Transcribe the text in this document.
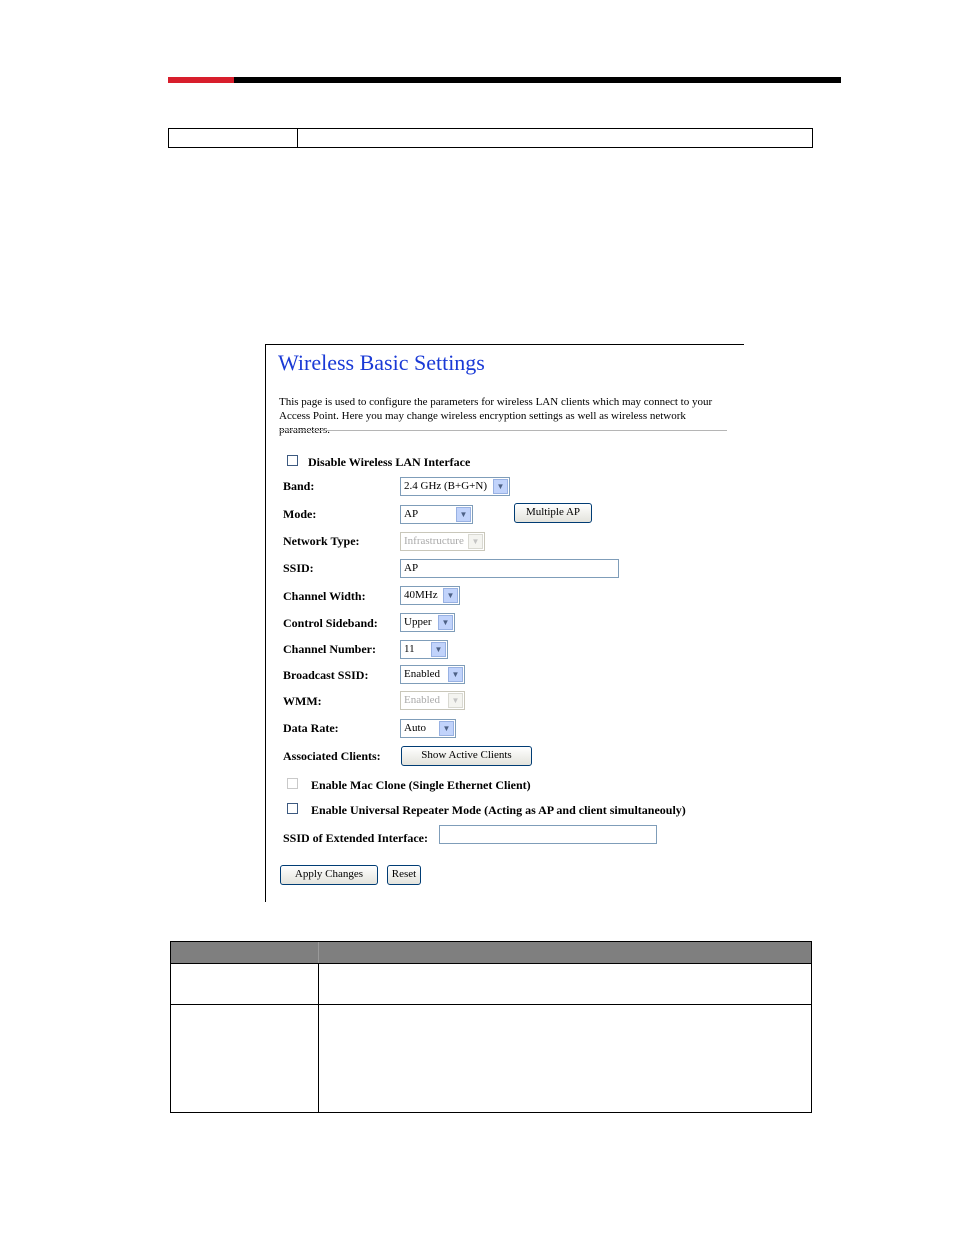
Wireless Basic Settings
This page is used to configure the parameters for wireless LAN clients which may connect to your Access Point. Here you may change wireless encryption settings as well as wireless network parameters.
Disable Wireless LAN Interface
Band:	2.4 GHz (B+G+N)	▼
Mode:	AP	▼	Multiple AP
Network Type:	Infrastructure ▼
SSID:	AP
Channel Width:	40MHz	▼
Control Sideband: Upper	▼
Channel Number:	11	▼
Broadcast SSID:	Enabled	▼
WMM:	Enabled	▼
Data Rate:	Auto	▼
Associated Clients:	Show Active Clients
Enable Mac Clone (Single Ethernet Client)
Enable Universal Repeater Mode (Acting as AP and client simultaneouly)
SSID of Extended Interface:
Apply Changes	Reset
